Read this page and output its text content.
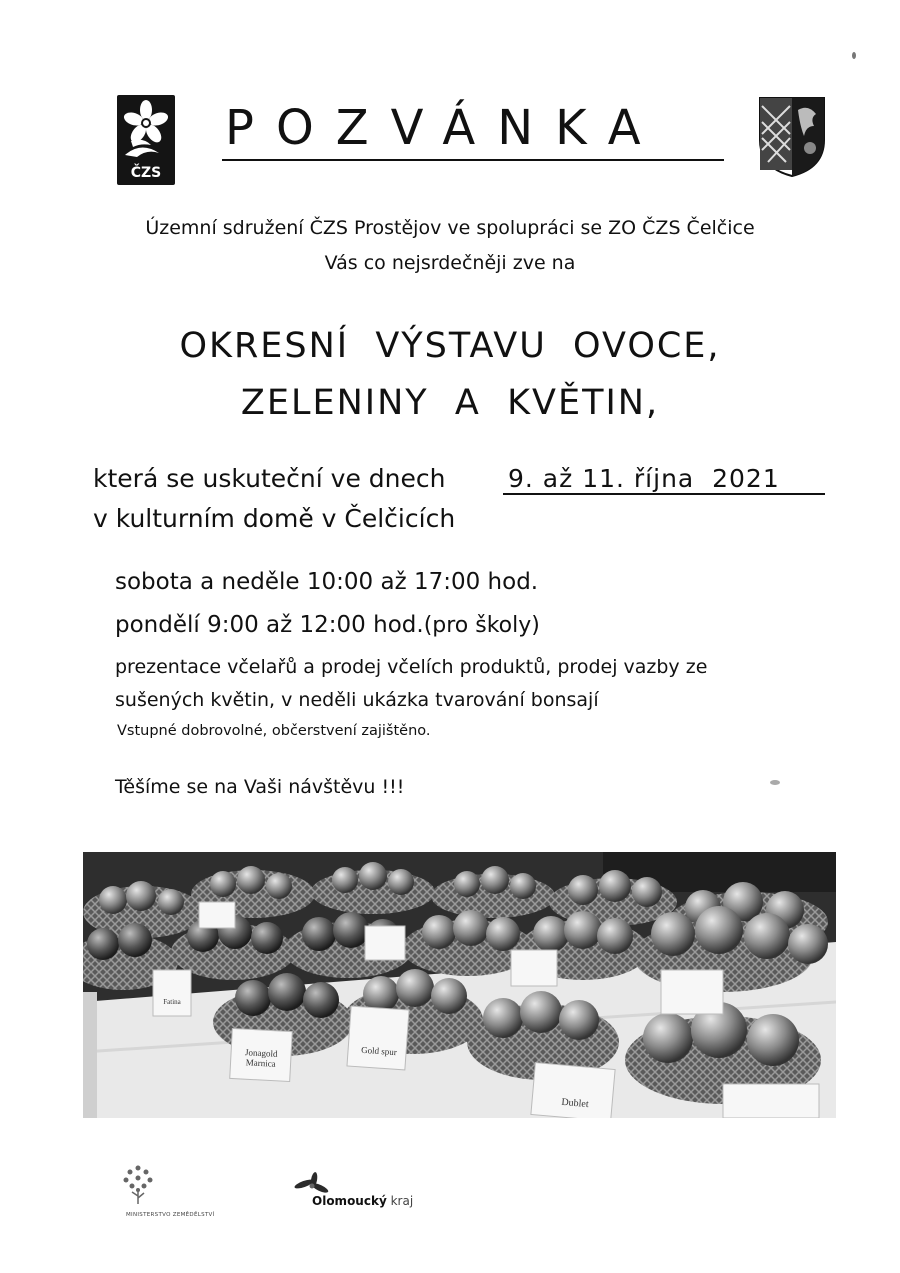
ČZS
POZVÁNKA
Územní sdružení ČZS Prostějov ve spolupráci se ZO ČZS Čelčice
Vás co nejsrdečněji zve na
OKRESNÍ  VÝSTAVU  OVOCE,
ZELENINY  A  KVĚTIN,
která se uskuteční ve dnech	9. až 11. října  2021
v kulturním domě v Čelčicích
sobota a neděle 10:00 až 17:00 hod.
pondělí 9:00 až 12:00 hod.(pro školy)
prezentace včelařů a prodej včelích produktů, prodej vazby ze
sušených květin, v neděli ukázka tvarování bonsají
Vstupné dobrovolné, občerstvení zajištěno.
Těšíme se na Vaši návštěvu !!!
Jonagold Marnica
Gold spur
Dublet
Fatina
MINISTERSTVO ZEMĚDĚLSTVÍ
Olomoucký kraj
